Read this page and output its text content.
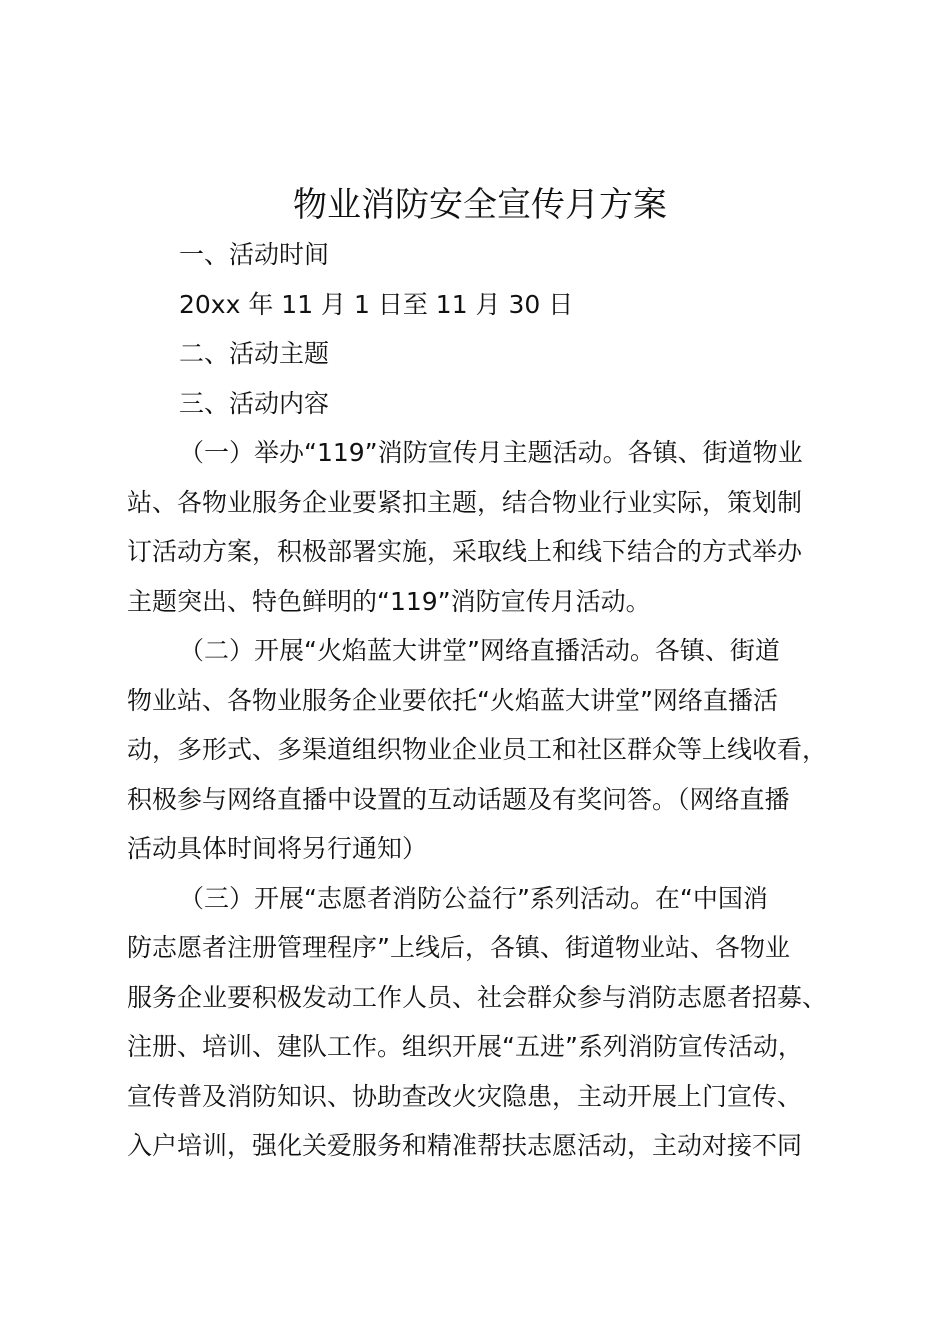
物业消防安全宣传月方案
一、活动时间
20xx 年 11 月 1 日至 11 月 30 日
二、活动主题
三、活动内容
（一）举办“119”消防宣传月主题活动。各镇、街道物业
站、各物业服务企业要紧扣主题，结合物业行业实际，策划制
订活动方案，积极部署实施，采取线上和线下结合的方式举办
主题突出、特色鲜明的“119”消防宣传月活动。
（二）开展“火焰蓝大讲堂”网络直播活动。各镇、街道
物业站、各物业服务企业要依托“火焰蓝大讲堂”网络直播活
动，多形式、多渠道组织物业企业员工和社区群众等上线收看，
积极参与网络直播中设置的互动话题及有奖问答。（网络直播
活动具体时间将另行通知）
（三）开展“志愿者消防公益行”系列活动。在“中国消
防志愿者注册管理程序”上线后，各镇、街道物业站、各物业
服务企业要积极发动工作人员、社会群众参与消防志愿者招募、
注册、培训、建队工作。组织开展“五进”系列消防宣传活动，
宣传普及消防知识、协助查改火灾隐患，主动开展上门宣传、
入户培训，强化关爱服务和精准帮扶志愿活动，主动对接不同
